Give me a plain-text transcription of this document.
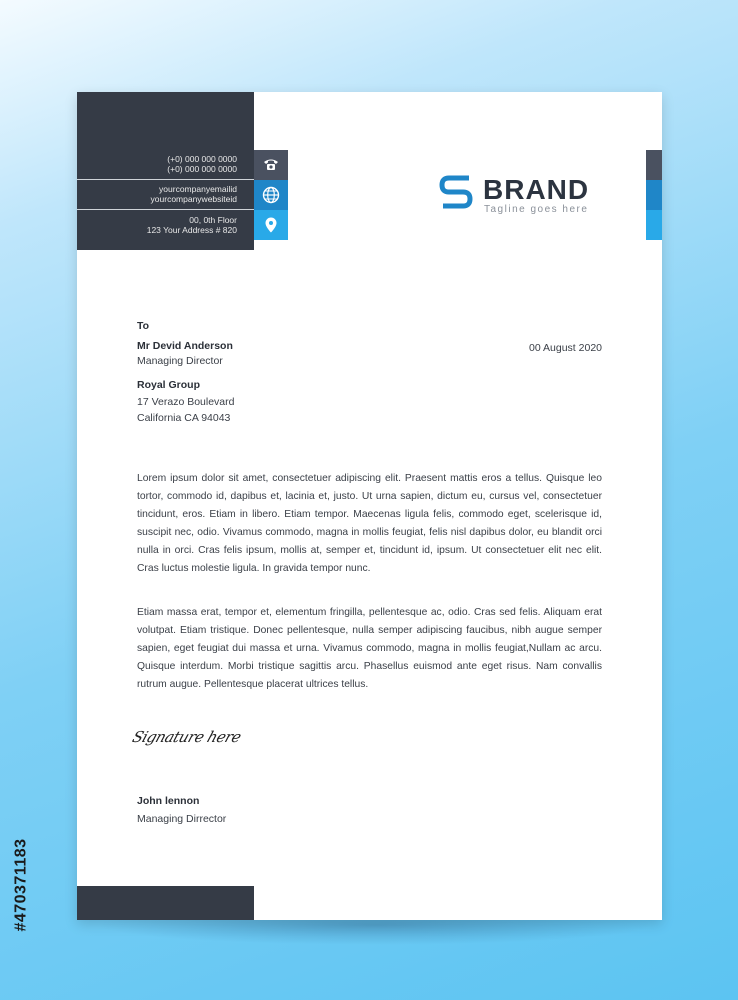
(+0) 000 000 0000
(+0) 000 000 0000
yourcompanyemailid
yourcompanywebsiteid
00, 0th Floor
123 Your Address # 820
BRAND
Tagline goes here
To
Mr Devid Anderson
Managing Director
Royal Group
17 Verazo Boulevard
California CA 94043
00 August 2020

Lorem ipsum dolor sit amet, consectetuer adipiscing elit. Praesent mattis eros a tellus. Quisque leo tortor, commodo id, dapibus et, lacinia et, justo. Ut urna sapien, dictum eu, cursus vel, consectetuer tincidunt, eros. Etiam in libero. Etiam tempor. Maecenas ligula felis, commodo eget, scelerisque id, suscipit nec, odio. Vivamus commodo, magna in mollis feugiat, felis nisl dapibus dolor, eu blandit orci nulla in orci. Cras felis ipsum, mollis at, semper et, tincidunt id, ipsum. Ut consectetuer elit nec elit. Cras luctus molestie ligula. In gravida tempor nunc.

Etiam massa erat, tempor et, elementum fringilla, pellentesque ac, odio. Cras sed felis. Aliquam erat volutpat. Etiam tristique. Donec pellentesque, nulla semper adipiscing faucibus, nibh augue semper sapien, eget feugiat dui massa et urna. Vivamus commodo, magna in mollis feugiat,Nullam ac arcu. Quisque interdum. Morbi tristique sagittis arcu. Phasellus euismod ante eget risus. Nam convallis rutrum augue. Pellentesque placerat ultrices tellus.

Signature here
John lennon
Managing Dirrector
#470371183
